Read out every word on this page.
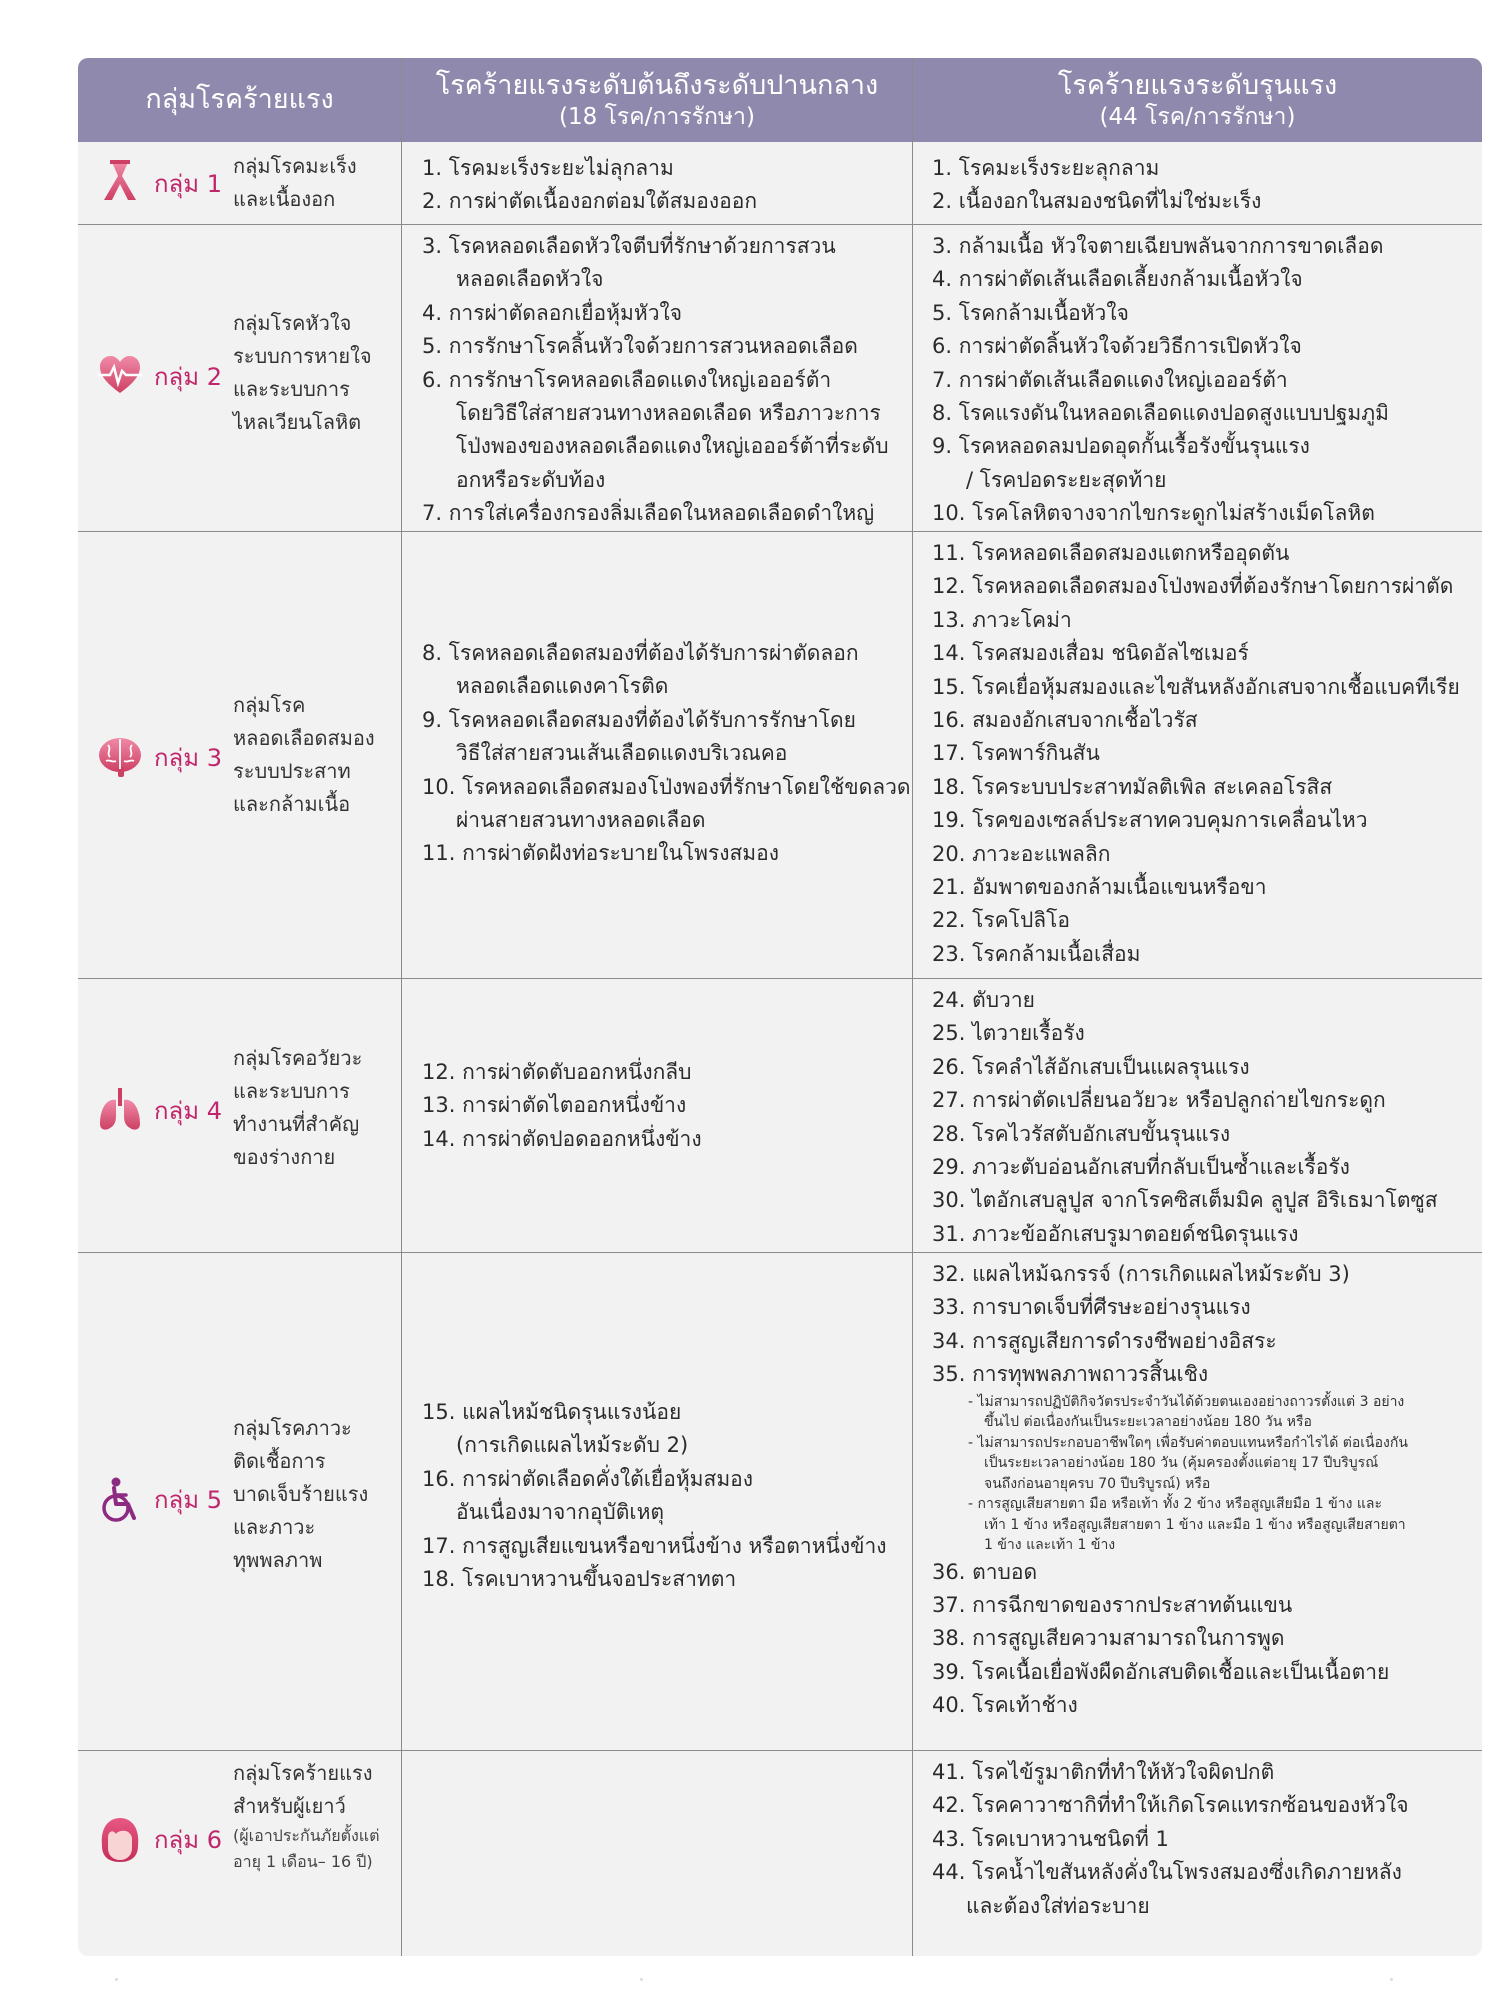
กลุ่มโรคร้ายแรง	โรคร้ายแรงระดับต้นถึงระดับปานกลาง
(18 โรค/การรักษา)
โรคร้ายแรงระดับรุนแรง
(44 โรค/การรักษา)
กลุ่ม 1
กลุ่มโรคมะเร็ง
และเนื้องอก
1. โรคมะเร็งระยะไม่ลุกลาม
2. การผ่าตัดเนื้องอกต่อมใต้สมองออก
1. โรคมะเร็งระยะลุกลาม
2. เนื้องอกในสมองชนิดที่ไม่ใช่มะเร็ง
กลุ่ม 2
กลุ่มโรคหัวใจ
ระบบการหายใจ
และระบบการ
ไหลเวียนโลหิต
3. โรคหลอดเลือดหัวใจตีบที่รักษาด้วยการสวน
หลอดเลือดหัวใจ
4. การผ่าตัดลอกเยื่อหุ้มหัวใจ
5. การรักษาโรคลิ้นหัวใจด้วยการสวนหลอดเลือด
6. การรักษาโรคหลอดเลือดแดงใหญ่เอออร์ต้า
โดยวิธีใส่สายสวนทางหลอดเลือด หรือภาวะการ
โป่งพองของหลอดเลือดแดงใหญ่เอออร์ต้าที่ระดับ
อกหรือระดับท้อง
7. การใส่เครื่องกรองลิ่มเลือดในหลอดเลือดดำใหญ่
3. กล้ามเนื้อ หัวใจตายเฉียบพลันจากการขาดเลือด
4. การผ่าตัดเส้นเลือดเลี้ยงกล้ามเนื้อหัวใจ
5. โรคกล้ามเนื้อหัวใจ
6. การผ่าตัดลิ้นหัวใจด้วยวิธีการเปิดหัวใจ
7. การผ่าตัดเส้นเลือดแดงใหญ่เอออร์ต้า
8. โรคแรงดันในหลอดเลือดแดงปอดสูงแบบปฐมภูมิ
9. โรคหลอดลมปอดอุดกั้นเรื้อรังขั้นรุนแรง
/ โรคปอดระยะสุดท้าย
10. โรคโลหิตจางจากไขกระดูกไม่สร้างเม็ดโลหิต
กลุ่ม 3
กลุ่มโรค
หลอดเลือดสมอง
ระบบประสาท
และกล้ามเนื้อ
8. โรคหลอดเลือดสมองที่ต้องได้รับการผ่าตัดลอก
หลอดเลือดแดงคาโรติด
9. โรคหลอดเลือดสมองที่ต้องได้รับการรักษาโดย
วิธีใส่สายสวนเส้นเลือดแดงบริเวณคอ
10. โรคหลอดเลือดสมองโป่งพองที่รักษาโดยใช้ขดลวด
ผ่านสายสวนทางหลอดเลือด
11. การผ่าตัดฝังท่อระบายในโพรงสมอง
11. โรคหลอดเลือดสมองแตกหรืออุดตัน
12. โรคหลอดเลือดสมองโป่งพองที่ต้องรักษาโดยการผ่าตัด
13. ภาวะโคม่า
14. โรคสมองเสื่อม ชนิดอัลไซเมอร์
15. โรคเยื่อหุ้มสมองและไขสันหลังอักเสบจากเชื้อแบคทีเรีย
16. สมองอักเสบจากเชื้อไวรัส
17. โรคพาร์กินสัน
18. โรคระบบประสาทมัลติเพิล สะเคลอโรสิส
19. โรคของเซลล์ประสาทควบคุมการเคลื่อนไหว
20. ภาวะอะแพลลิก
21. อัมพาตของกล้ามเนื้อแขนหรือขา
22. โรคโปลิโอ
23. โรคกล้ามเนื้อเสื่อม
กลุ่ม 4
กลุ่มโรคอวัยวะ
และระบบการ
ทำงานที่สำคัญ
ของร่างกาย
12. การผ่าตัดตับออกหนึ่งกลีบ
13. การผ่าตัดไตออกหนึ่งข้าง
14. การผ่าตัดปอดออกหนึ่งข้าง
24. ตับวาย
25. ไตวายเรื้อรัง
26. โรคลำไส้อักเสบเป็นแผลรุนแรง
27. การผ่าตัดเปลี่ยนอวัยวะ หรือปลูกถ่ายไขกระดูก
28. โรคไวรัสตับอักเสบขั้นรุนแรง
29. ภาวะตับอ่อนอักเสบที่กลับเป็นซ้ำและเรื้อรัง
30. ไตอักเสบลูปูส จากโรคซิสเต็มมิค ลูปูส อิริเธมาโตซูส
31. ภาวะข้ออักเสบรูมาตอยด์ชนิดรุนแรง
กลุ่ม 5
กลุ่มโรคภาวะ
ติดเชื้อการ
บาดเจ็บร้ายแรง
และภาวะ
ทุพพลภาพ
15. แผลไหม้ชนิดรุนแรงน้อย
(การเกิดแผลไหม้ระดับ 2)
16. การผ่าตัดเลือดคั่งใต้เยื่อหุ้มสมอง
อันเนื่องมาจากอุบัติเหตุ
17. การสูญเสียแขนหรือขาหนึ่งข้าง หรือตาหนึ่งข้าง
18. โรคเบาหวานขึ้นจอประสาทตา
32. แผลไหม้ฉกรรจ์ (การเกิดแผลไหม้ระดับ 3)
33. การบาดเจ็บที่ศีรษะอย่างรุนแรง
34. การสูญเสียการดำรงชีพอย่างอิสระ
35. การทุพพลภาพถาวรสิ้นเชิง
- ไม่สามารถปฏิบัติกิจวัตรประจำวันได้ด้วยตนเองอย่างถาวรตั้งแต่ 3 อย่าง
ขึ้นไป ต่อเนื่องกันเป็นระยะเวลาอย่างน้อย 180 วัน หรือ
- ไม่สามารถประกอบอาชีพใดๆ เพื่อรับค่าตอบแทนหรือกำไรได้ ต่อเนื่องกัน
เป็นระยะเวลาอย่างน้อย 180 วัน (คุ้มครองตั้งแต่อายุ 17 ปีบริบูรณ์
จนถึงก่อนอายุครบ 70 ปีบริบูรณ์) หรือ
- การสูญเสียสายตา มือ หรือเท้า ทั้ง 2 ข้าง หรือสูญเสียมือ 1 ข้าง และ
เท้า 1 ข้าง หรือสูญเสียสายตา 1 ข้าง และมือ 1 ข้าง หรือสูญเสียสายตา
1 ข้าง และเท้า 1 ข้าง
36. ตาบอด
37. การฉีกขาดของรากประสาทต้นแขน
38. การสูญเสียความสามารถในการพูด
39. โรคเนื้อเยื่อพังผืดอักเสบติดเชื้อและเป็นเนื้อตาย
40. โรคเท้าช้าง
กลุ่ม 6
กลุ่มโรคร้ายแรง
สำหรับผู้เยาว์
(ผู้เอาประกันภัยตั้งแต่
อายุ 1 เดือน– 16 ปี)
41. โรคไข้รูมาติกที่ทำให้หัวใจผิดปกติ
42. โรคคาวาซากิที่ทำให้เกิดโรคแทรกซ้อนของหัวใจ
43. โรคเบาหวานชนิดที่ 1
44. โรคน้ำไขสันหลังคั่งในโพรงสมองซึ่งเกิดภายหลัง
และต้องใส่ท่อระบาย
